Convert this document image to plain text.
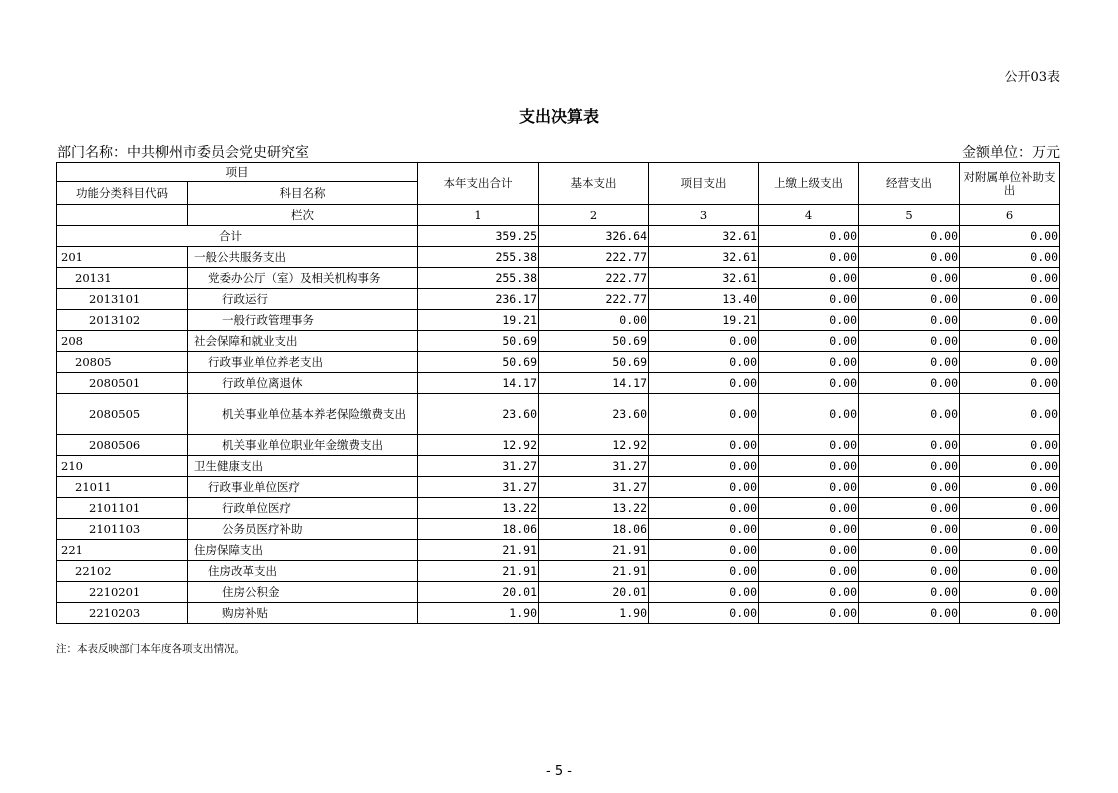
公开03表
支出决算表
部门名称：中共柳州市委员会党史研究室	金额单位：万元
项目		本年支出合计	基本支出	项目支出	上缴上级支出	经营支出	对附属单位补助支出
功能分类科目代码	科目名称						
	栏次	1	2	3	4	5	6
合计		359.25	326.64	32.61	0.00	0.00	0.00
201	一般公共服务支出	255.38	222.77	32.61	0.00	0.00	0.00
20131	党委办公厅（室）及相关机构事务	255.38	222.77	32.61	0.00	0.00	0.00
2013101	行政运行	236.17	222.77	13.40	0.00	0.00	0.00
2013102	一般行政管理事务	19.21	0.00	19.21	0.00	0.00	0.00
208	社会保障和就业支出	50.69	50.69	0.00	0.00	0.00	0.00
20805	行政事业单位养老支出	50.69	50.69	0.00	0.00	0.00	0.00
2080501	行政单位离退休	14.17	14.17	0.00	0.00	0.00	0.00
2080505	机关事业单位基本养老保险缴费支出	23.60	23.60	0.00	0.00	0.00	0.00
2080506	机关事业单位职业年金缴费支出	12.92	12.92	0.00	0.00	0.00	0.00
210	卫生健康支出	31.27	31.27	0.00	0.00	0.00	0.00
21011	行政事业单位医疗	31.27	31.27	0.00	0.00	0.00	0.00
2101101	行政单位医疗	13.22	13.22	0.00	0.00	0.00	0.00
2101103	公务员医疗补助	18.06	18.06	0.00	0.00	0.00	0.00
221	住房保障支出	21.91	21.91	0.00	0.00	0.00	0.00
22102	住房改革支出	21.91	21.91	0.00	0.00	0.00	0.00
2210201	住房公积金	20.01	20.01	0.00	0.00	0.00	0.00
2210203	购房补贴	1.90	1.90	0.00	0.00	0.00	0.00
注：本表反映部门本年度各项支出情况。
- 5 -
